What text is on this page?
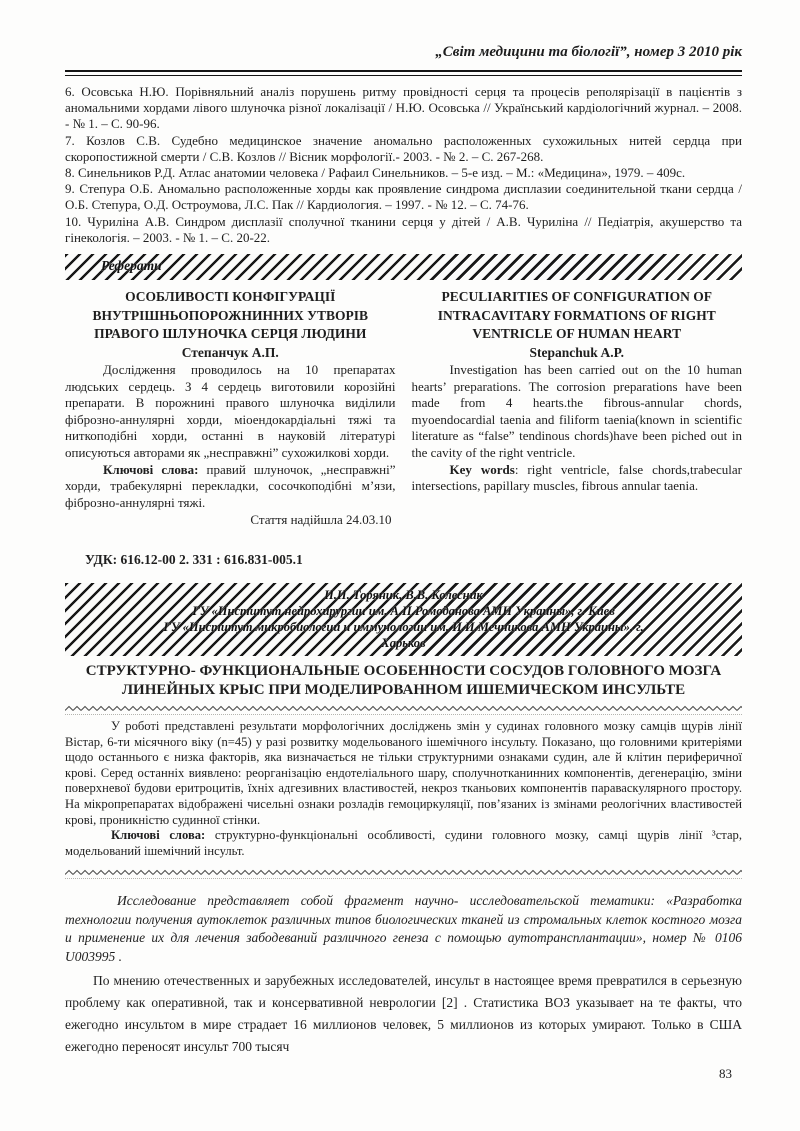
„Світ медицини та біології”, номер 3 2010 рік

6. Осовська Н.Ю. Порівняльний аналіз порушень ритму провідності серця та процесів реполярізації в пацієнтів з аномальними хордами лівого шлуночка різної локалізації / Н.Ю. Осовська // Український кардіологічний журнал. – 2008. - № 1. – С. 90-96.

7. Козлов С.В. Судебно медицинское значение аномально расположенных сухожильных нитей сердца при скоропостижной смерти / С.В. Козлов // Вісник морфології.- 2003. - № 2. – С. 267-268.

8. Синельников Р.Д. Атлас анатомии человека / Рафаил Синельников. – 5-е изд. – М.: «Медицина», 1979. – 409с.

9. Степура О.Б. Аномально расположенные хорды как проявление синдрома дисплазии соединительной ткани сердца /О.Б. Степура, О.Д. Остроумова, Л.С. Пак // Кардиология. – 1997. - № 12. – С. 74-76.

10. Чуриліна А.В. Синдром дисплазії сполучної тканини серця у дітей / А.В. Чуриліна // Педіатрія, акушерство та гінекологія. – 2003. - № 1. – С. 20-22.

Реферати

ОСОБЛИВОСТІ КОНФІГУРАЦІЇ ВНУТРІШНЬОПОРОЖНИННИХ УТВОРІВ ПРАВОГО ШЛУНОЧКА СЕРЦЯ ЛЮДИНИ

Степанчук А.П.

Дослідження проводилось на 10 препаратах людських сердець. З 4 сердець виготовили корозійні препарати. В порожнині правого шлуночка виділили фіброзно-аннулярні хорди, міоендокардіальні тяжі та ниткоподібні хорди, останні в науковій літературі описуються авторами як „несправжні” сухожилкові хорди.

Ключові слова: правий шлуночок, „несправжні” хорди, трабекулярні перекладки, сосочкоподібні м’язи, фіброзно-аннулярні тяжі.

Стаття надійшла 24.03.10

PECULIARITIES OF CONFIGURATION OF INTRACAVITARY FORMATIONS OF RIGHT VENTRICLE OF HUMAN HEART

Stepanchuk A.P.

Investigation has been carried out on the 10 human hearts’ preparations. The corrosion preparations have been made from 4 hearts.the fibrous-annular chords, myoendocardial taenia and filiform taenia(known in scientific literature as “false” tendinous chords)have been piched out in the cavity of the right ventricle.

Key words: right ventricle, false chords,trabecular intersections, papillary muscles, fibrous annular taenia.

УДК: 616.12-00 2. 331 : 616.831-005.1
И.И. Торяник, В.В. Колесник
ГУ «Институт нейрохирургии им. А.П.Ромоданова АМН Украины», г. Киев
ГУ «Институт микробиологии и иммунологии им. И.И.Мечникова АМН Украины», г.
Харьков
СТРУКТУРНО- ФУНКЦИОНАЛЬНЫЕ ОСОБЕННОСТИ СОСУДОВ ГОЛОВНОГО МОЗГА ЛИНЕЙНЫХ КРЫС ПРИ МОДЕЛИРОВАННОМ ИШЕМИЧЕСКОМ ИНСУЛЬТЕ

У роботі представлені результати морфологічних досліджень змін у судинах головного мозку самців щурів лінії Вістар, 6-ти місячного віку (n=45) у разі розвитку модельованого ішемічного інсульту. Показано, що головними критеріями щодо останнього є низка факторів, яка визначається не тільки структурними ознаками судин, але й клітин периферичної крові. Серед останніх виявлено: реорганізацію ендотеліального шару, сполучнотканинних компонентів, дегенерацію, зміни поверхневої будови еритроцитів, їхніх адгезивних властивостей, некроз тканьових компонентів параваскулярного простору. На мікропрепаратах відображені чисельні ознаки розладів гемоциркуляції, пов’язаних із змінами реологічних властивостей крові, проникністю судинної стінки.

Ключові слова: структурно-функціональні особливості, судини головного мозку, самці щурів лінії ³стар, модельований ішемічний інсульт.

Исследование представляет собой фрагмент научно- исследовательской тематики: «Разработка технологии получения аутоклеток различных типов биологических тканей из стромальных клеток костного мозга и применение их для лечения забодеваний различного генеза с помощью аутотрансплантации», номер № 0106 U003995 .

По мнению отечественных и зарубежных исследователей, инсульт в настоящее время превратился в серьезную проблему как оперативной, так и консервативной неврологии [2] . Статистика ВОЗ указывает на те факты, что ежегодно инсультом в мире страдает 16 миллионов человек, 5 миллионов из которых умирают. Только в США ежегодно переносят инсульт 700 тысяч

83
